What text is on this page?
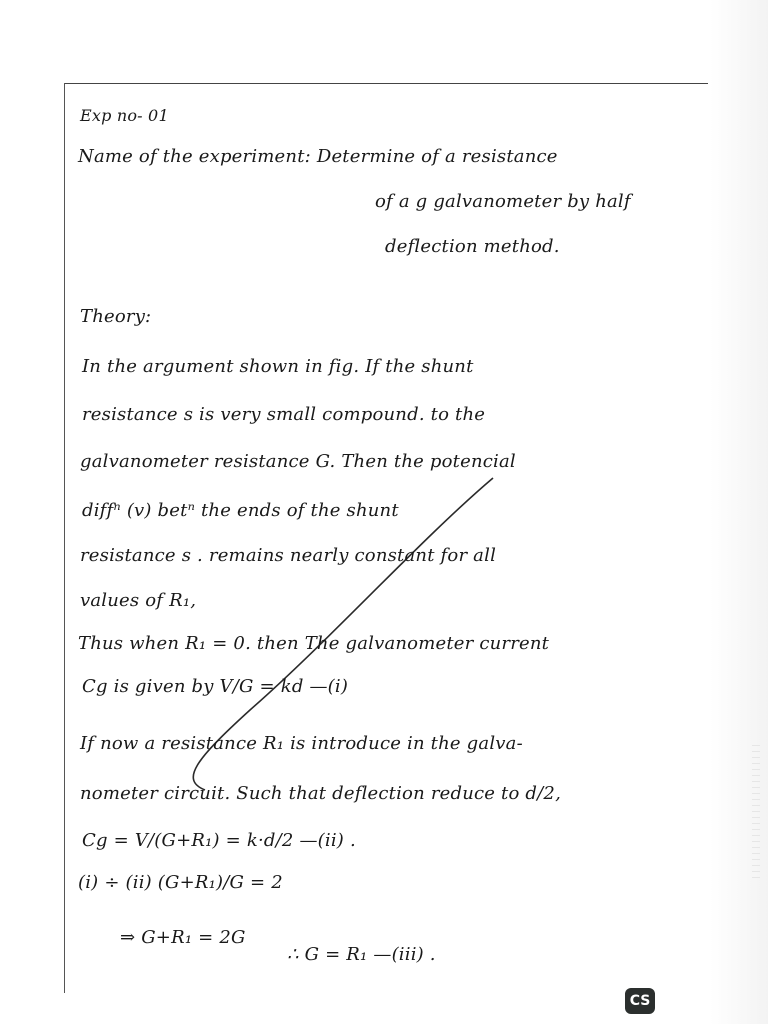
Exp no- 01
Name of the experiment: Determine of a resistance
of a g galvanometer by half
deflection method.
Theory:
In the argument shown in fig. If the shunt
resistance s is very small compound. to the
galvanometer resistance G. Then the potencial
diffⁿ (v) betⁿ the ends of the shunt
resistance s . remains nearly constant for all
values of R₁,
Thus when R₁ = 0. then The galvanometer current
Cg is given by V/G = kd —(i)
If now a resistance R₁ is introduce in the galva-
nometer circuit. Such that deflection reduce to d/2,
Cg = V/(G+R₁) = k·d/2 —(ii) .
(i) ÷ (ii) (G+R₁)/G = 2
⇒ G+R₁ = 2G
∴ G = R₁ —(iii) .
CS
